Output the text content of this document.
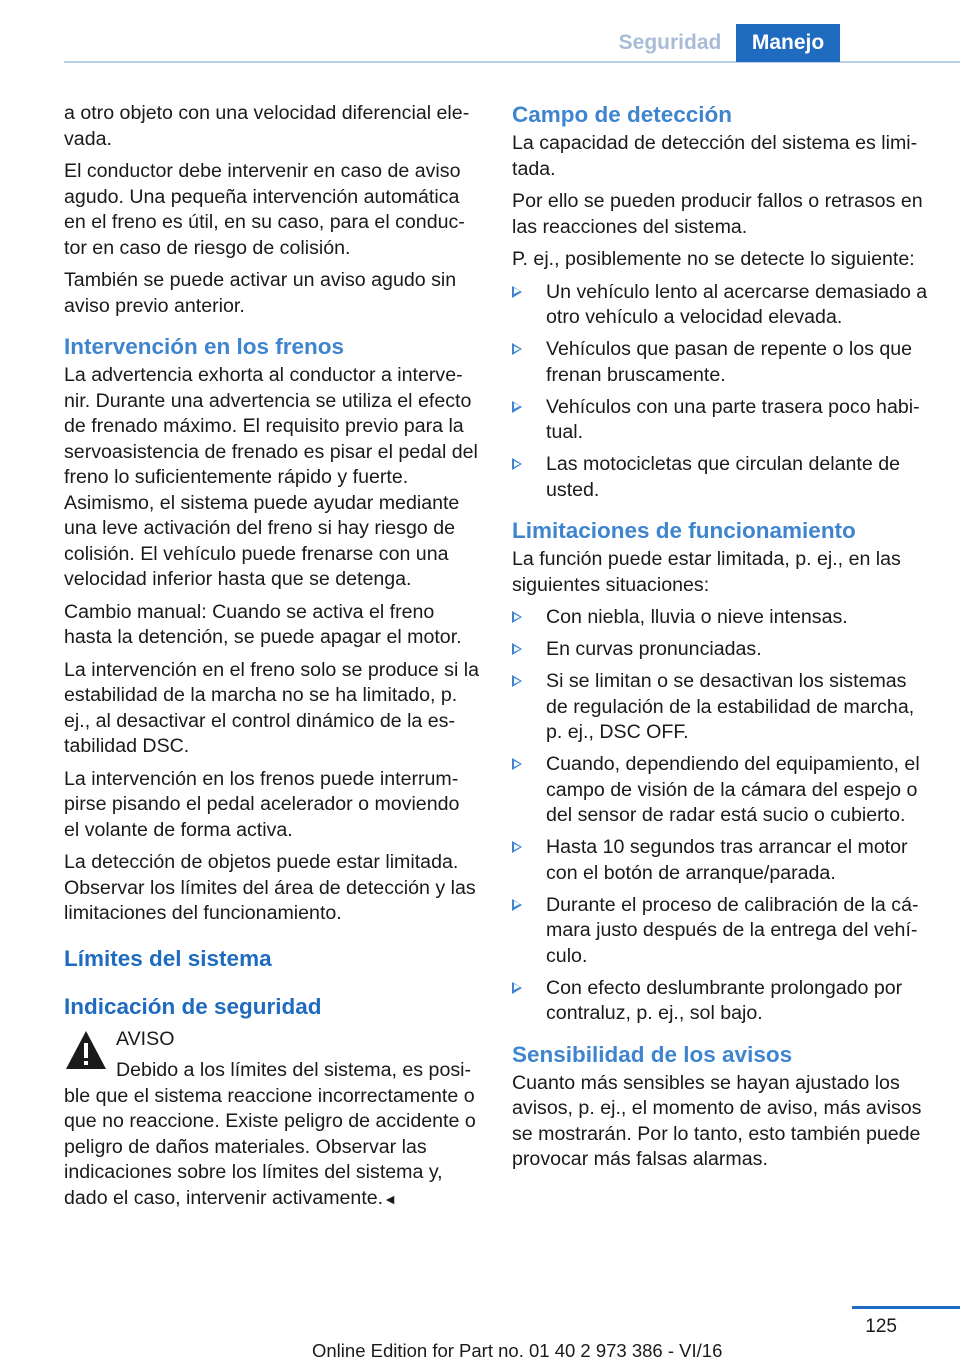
Seguridad	Manejo

a otro objeto con una velocidad diferencial elevada.

El conductor debe intervenir en caso de aviso agudo. Una pequeña intervención automática en el freno es útil, en su caso, para el conductor en caso de riesgo de colisión.

También se puede activar un aviso agudo sin aviso previo anterior.

Intervención en los frenos

La advertencia exhorta al conductor a intervenir. Durante una advertencia se utiliza el efecto de frenado máximo. El requisito previo para la servoasistencia de frenado es pisar el pedal del freno lo suficientemente rápido y fuerte. Asimismo, el sistema puede ayudar mediante una leve activación del freno si hay riesgo de colisión. El vehículo puede frenarse con una velocidad inferior hasta que se detenga.

Cambio manual: Cuando se activa el freno hasta la detención, se puede apagar el motor.

La intervención en el freno solo se produce si la estabilidad de la marcha no se ha limitado, p. ej., al desactivar el control dinámico de la estabilidad DSC.

La intervención en los frenos puede interrumpirse pisando el pedal acelerador o moviendo el volante de forma activa.

La detección de objetos puede estar limitada. Observar los límites del área de detección y las limitaciones del funcionamiento.

Límites del sistema
Indicación de seguridad

AVISO

Debido a los límites del sistema, es posible que el sistema reaccione incorrectamente o que no reaccione. Existe peligro de accidente o peligro de daños materiales. Observar las indicaciones sobre los límites del sistema y, dado el caso, intervenir activamente.◄

Campo de detección

La capacidad de detección del sistema es limitada.

Por ello se pueden producir fallos o retrasos en las reacciones del sistema.

P. ej., posiblemente no se detecte lo siguiente:

Un vehículo lento al acercarse demasiado a otro vehículo a velocidad elevada.
Vehículos que pasan de repente o los que frenan bruscamente.
Vehículos con una parte trasera poco habitual.
Las motocicletas que circulan delante de usted.
Limitaciones de funcionamiento

La función puede estar limitada, p. ej., en las siguientes situaciones:

Con niebla, lluvia o nieve intensas.
En curvas pronunciadas.
Si se limitan o se desactivan los sistemas de regulación de la estabilidad de marcha, p. ej., DSC OFF.
Cuando, dependiendo del equipamiento, el campo de visión de la cámara del espejo o del sensor de radar está sucio o cubierto.
Hasta 10 segundos tras arrancar el motor con el botón de arranque/parada.
Durante el proceso de calibración de la cámara justo después de la entrega del vehículo.
Con efecto deslumbrante prolongado por contraluz, p. ej., sol bajo.
Sensibilidad de los avisos

Cuanto más sensibles se hayan ajustado los avisos, p. ej., el momento de aviso, más avisos se mostrarán. Por lo tanto, esto también puede provocar más falsas alarmas.

125
Online Edition for Part no. 01 40 2 973 386 - VI/16
